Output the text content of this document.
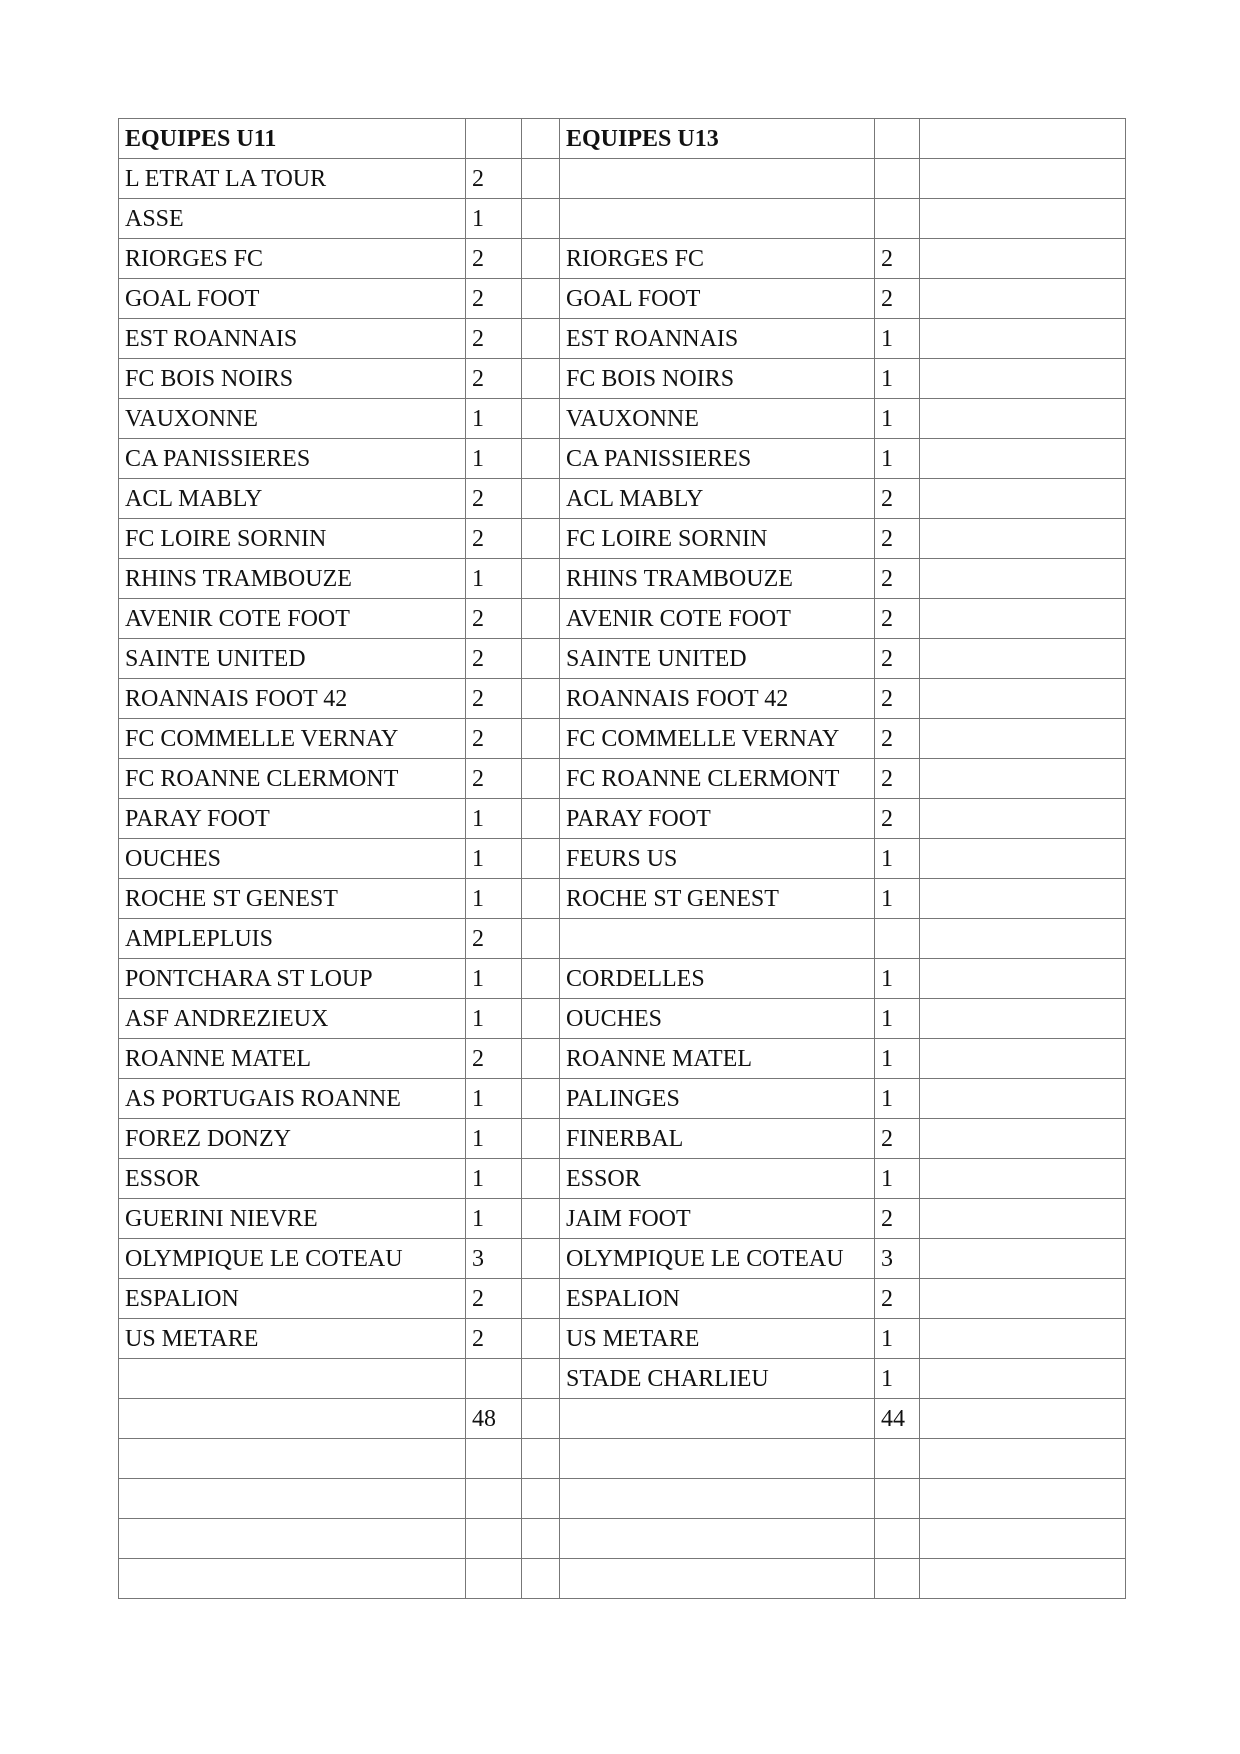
EQUIPES U11			EQUIPES U13		
L ETRAT LA TOUR	2				
ASSE	1				
RIORGES FC	2		RIORGES FC	2	
GOAL FOOT	2		GOAL FOOT	2	
EST ROANNAIS	2		EST ROANNAIS	1	
FC BOIS NOIRS	2		FC BOIS NOIRS	1	
VAUXONNE	1		VAUXONNE	1	
CA PANISSIERES	1		CA PANISSIERES	1	
ACL MABLY	2		ACL MABLY	2	
FC LOIRE SORNIN	2		FC LOIRE SORNIN	2	
RHINS TRAMBOUZE	1		RHINS TRAMBOUZE	2	
AVENIR COTE FOOT	2		AVENIR COTE FOOT	2	
SAINTE UNITED	2		SAINTE UNITED	2	
ROANNAIS FOOT 42	2		ROANNAIS FOOT 42	2	
FC COMMELLE VERNAY	2		FC COMMELLE VERNAY	2	
FC ROANNE CLERMONT	2		FC ROANNE CLERMONT	2	
PARAY FOOT	1		PARAY FOOT	2	
OUCHES	1		FEURS US	1	
ROCHE ST GENEST	1		ROCHE ST GENEST	1	
AMPLEPLUIS	2				
PONTCHARA ST LOUP	1		CORDELLES	1	
ASF ANDREZIEUX	1		OUCHES	1	
ROANNE MATEL	2		ROANNE MATEL	1	
AS PORTUGAIS ROANNE	1		PALINGES	1	
FOREZ DONZY	1		FINERBAL	2	
ESSOR	1		ESSOR	1	
GUERINI NIEVRE	1		JAIM FOOT	2	
OLYMPIQUE LE COTEAU	3		OLYMPIQUE LE COTEAU	3	
ESPALION	2		ESPALION	2	
US METARE	2		US METARE	1	
			STADE CHARLIEU	1	
	48			44	
